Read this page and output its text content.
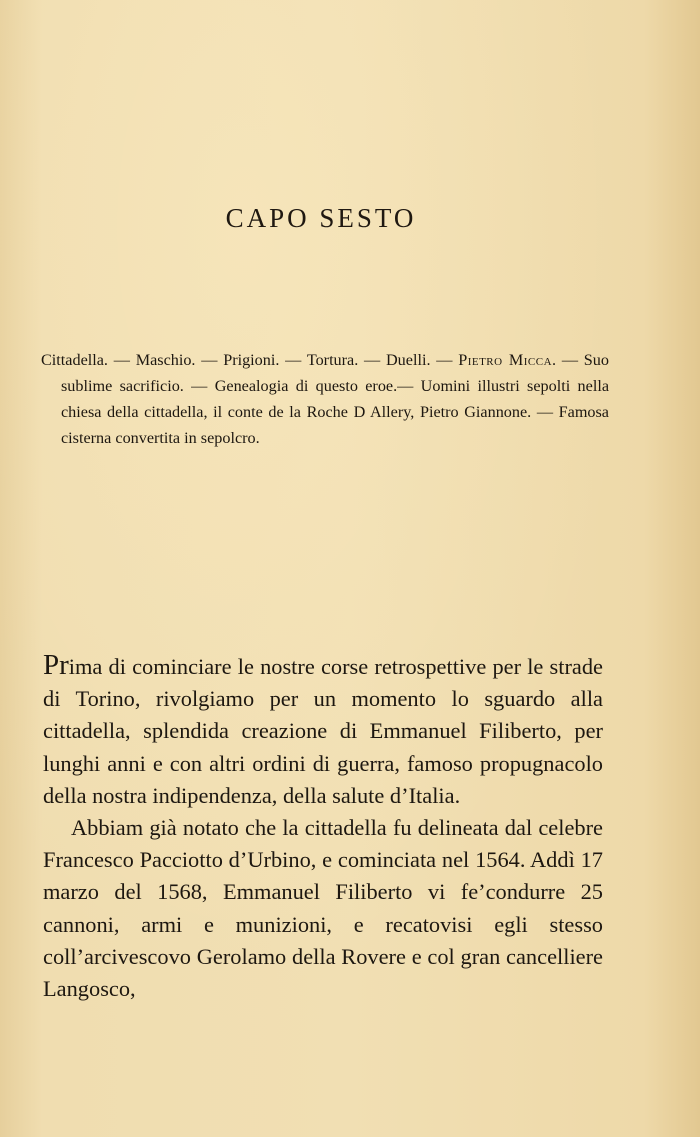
CAPO SESTO

Cittadella. — Maschio. — Prigioni. — Tortura. — Duelli. — Pietro Micca. — Suo sublime sacrificio. — Genealogia di questo eroe.— Uomini illustri sepolti nella chiesa della cittadella, il conte de la Roche D Allery, Pietro Giannone. — Famosa cisterna convertita in sepolcro.

Prima di cominciare le nostre corse retrospettive per le strade di Torino, rivolgiamo per un momento lo sguardo alla cittadella, splendida creazione di Emmanuel Filiberto, per lunghi anni e con altri ordini di guerra, famoso propugnacolo della nostra indipendenza, della salute d’Italia.

Abbiam già notato che la cittadella fu delineata dal celebre Francesco Pacciotto d’Urbino, e cominciata nel 1564. Addì 17 marzo del 1568, Emmanuel Filiberto vi fe’condurre 25 cannoni, armi e munizioni, e recatovisi egli stesso coll’arcivescovo Gerolamo della Rovere e col gran cancelliere Langosco,
